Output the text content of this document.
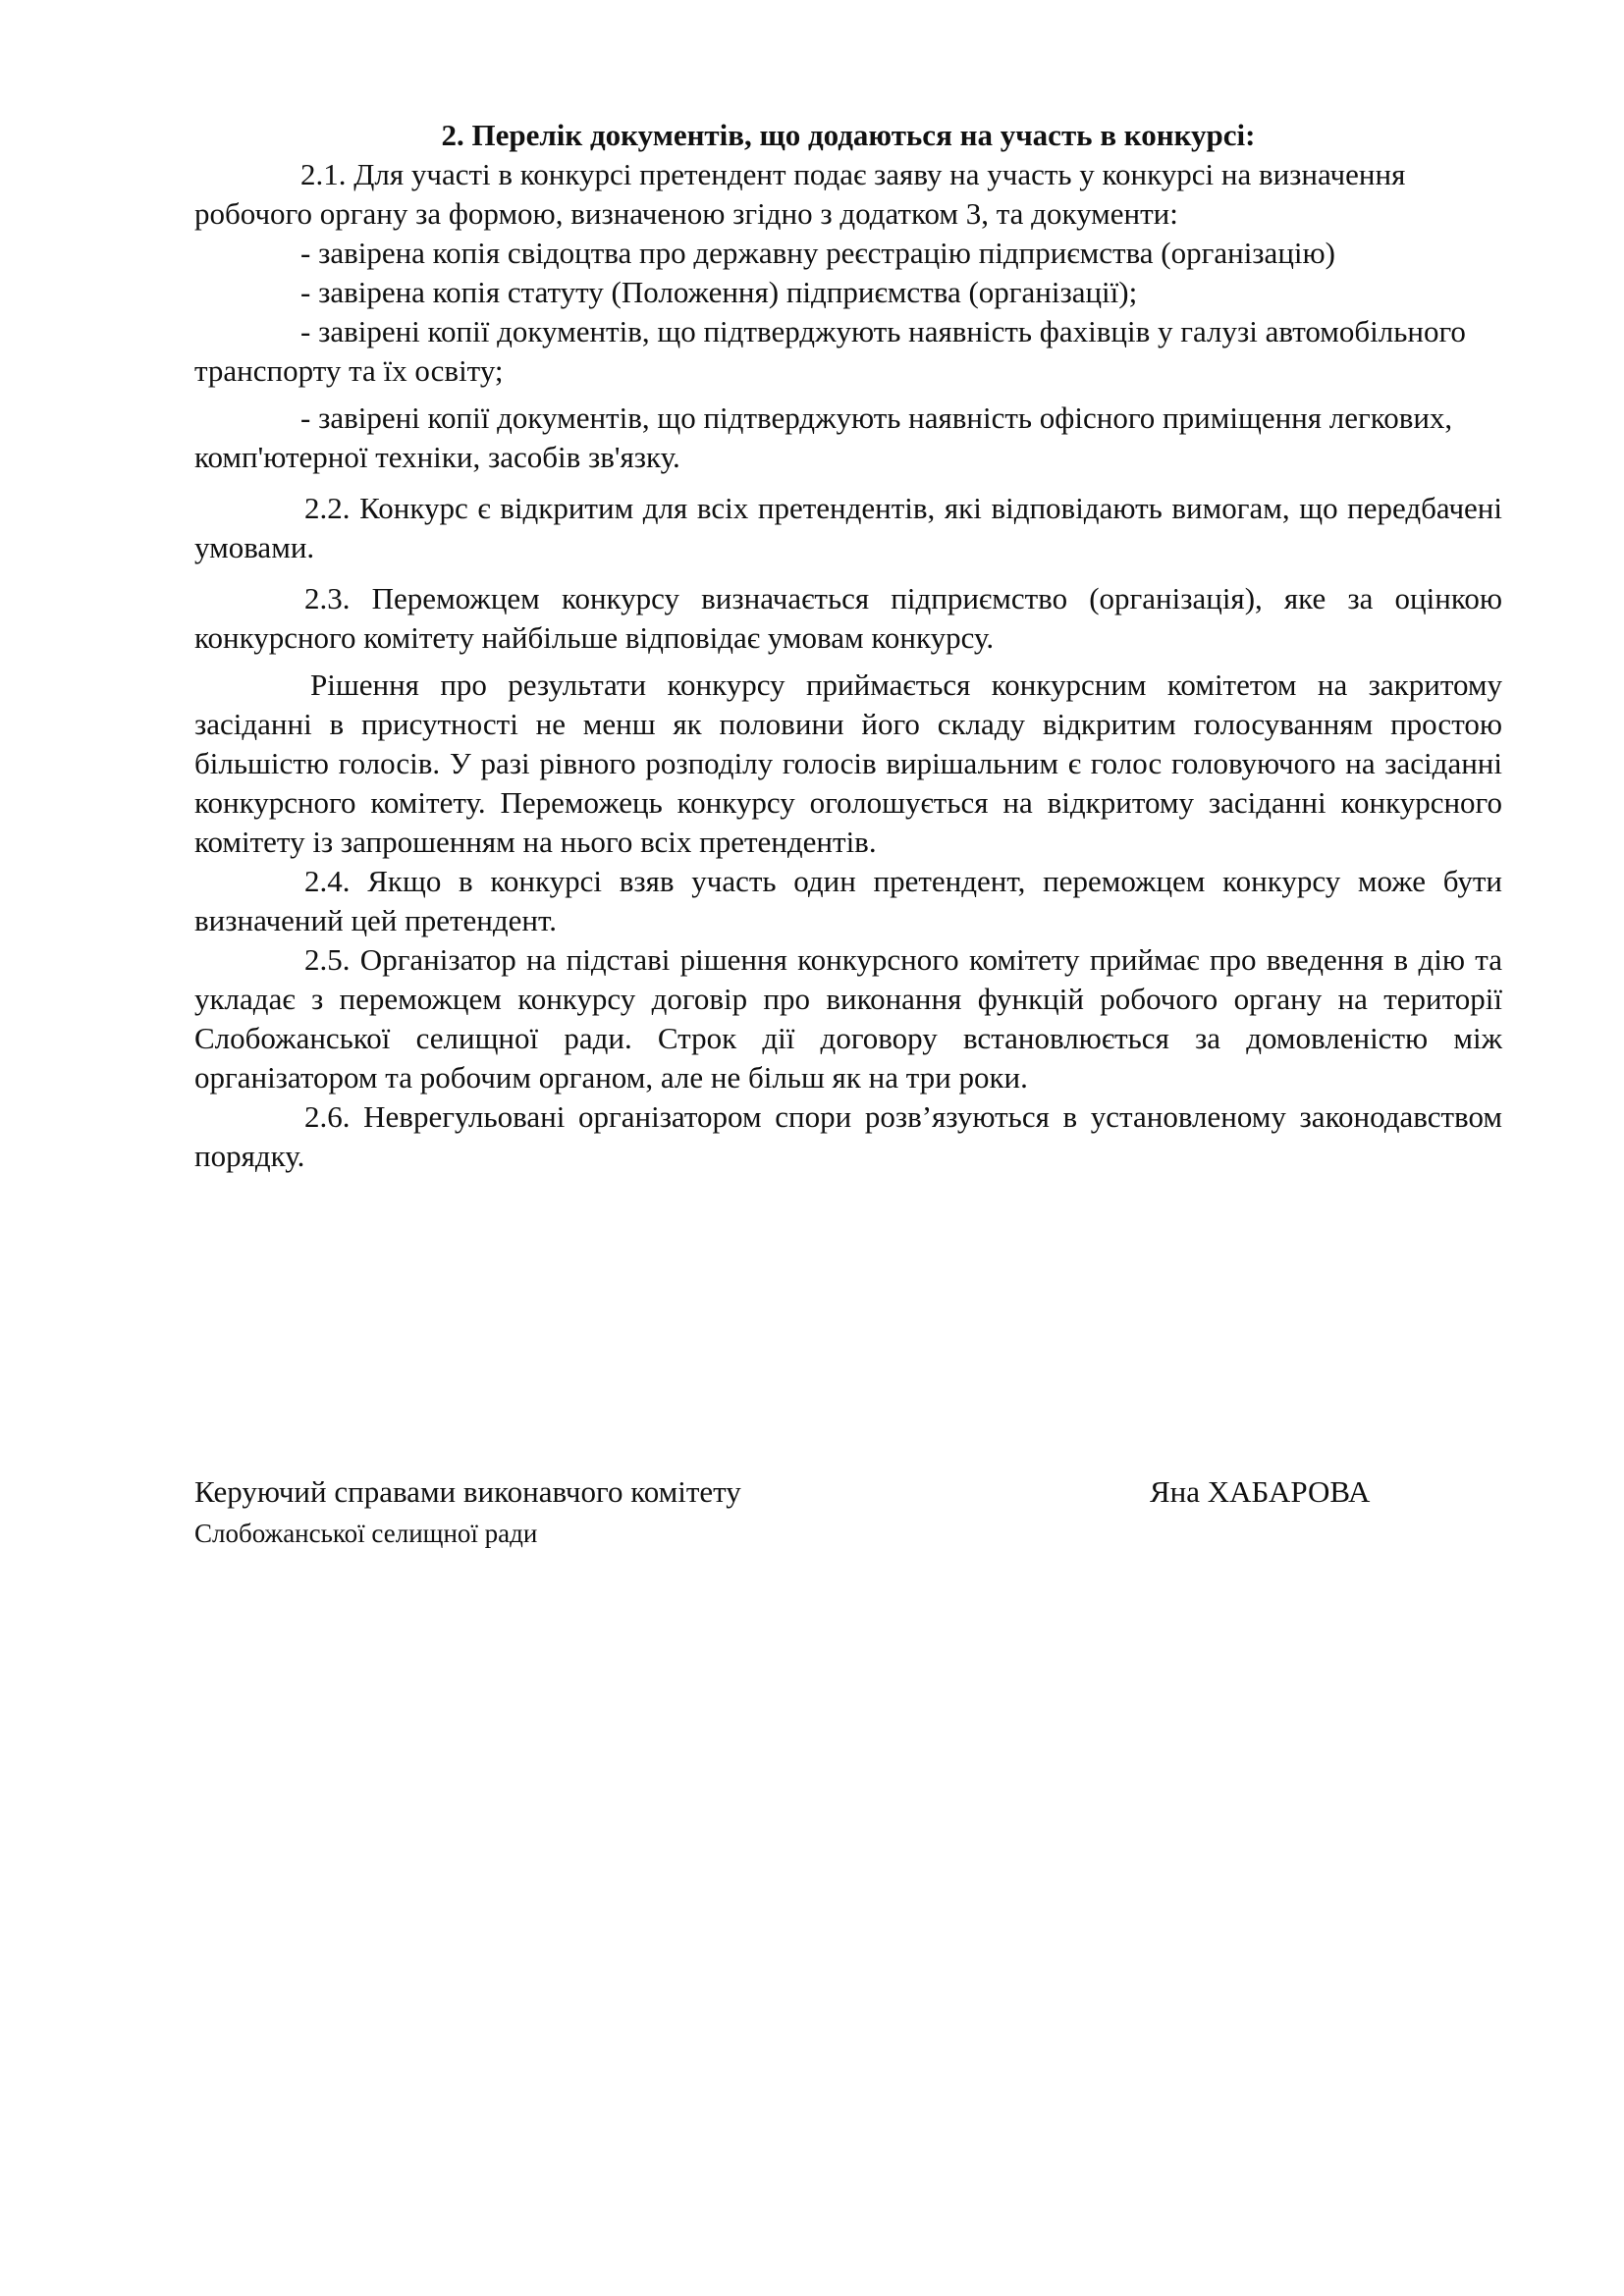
2. Перелік документів, що додаються на участь в конкурсі:

2.1. Для участі в конкурсі претендент подає заяву на участь у конкурсі на визначення робочого органу за формою, визначеною згідно з додатком 3, та документи:

- завірена копія свідоцтва про державну реєстрацію підприємства (організацію)

- завірена копія статуту (Положення) підприємства (організації);

- завірені копії документів, що підтверджують наявність фахівців у галузі автомобільного транспорту та їх освіту;

- завірені копії документів, що підтверджують наявність офісного приміщення легкових, комп'ютерної техніки, засобів зв'язку.

2.2. Конкурс є відкритим для всіх претендентів, які відповідають вимогам, що передбачені умовами.

2.3. Переможцем конкурсу визначається підприємство (організація), яке за оцінкою конкурсного комітету найбільше відповідає умовам конкурсу.

Рішення про результати конкурсу приймається конкурсним комітетом на закритому засіданні в присутності не менш як половини його складу відкритим голосуванням простою більшістю голосів. У разі рівного розподілу голосів вирішальним є голос головуючого на засіданні конкурсного комітету. Переможець конкурсу оголошується на відкритому засіданні конкурсного комітету із запрошенням на нього всіх претендентів.

2.4. Якщо в конкурсі взяв участь один претендент, переможцем конкурсу може бути визначений цей претендент.

2.5. Організатор на підставі рішення конкурсного комітету приймає про введення в дію та укладає з переможцем конкурсу договір про виконання функцій робочого органу на території Слобожанської селищної ради. Строк дії договору встановлюється за домовленістю між організатором та робочим органом, але не більш як на три роки.

2.6. Неврегульовані організатором спори розв’язуються в установленому законодавством порядку.

Керуючий справами виконавчого комітету	Яна ХАБАРОВА
Слобожанської селищної ради
